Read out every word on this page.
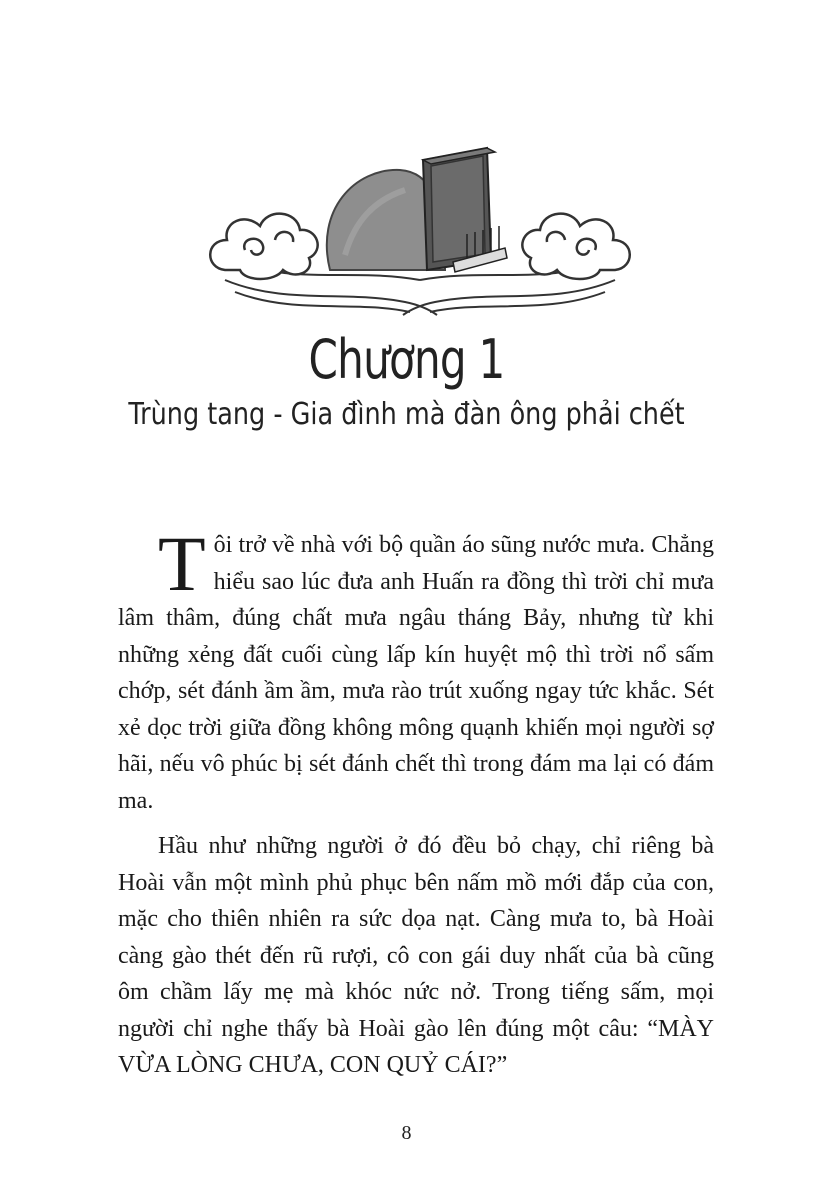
Chương 1
Trùng tang - Gia đình mà đàn ông phải chết

Tôi trở về nhà với bộ quần áo sũng nước mưa. Chẳng hiểu sao lúc đưa anh Huấn ra đồng thì trời chỉ mưa lâm thâm, đúng chất mưa ngâu tháng Bảy, nhưng từ khi những xẻng đất cuối cùng lấp kín huyệt mộ thì trời nổ sấm chớp, sét đánh ầm ầm, mưa rào trút xuống ngay tức khắc. Sét xẻ dọc trời giữa đồng không mông quạnh khiến mọi người sợ hãi, nếu vô phúc bị sét đánh chết thì trong đám ma lại có đám ma.

Hầu như những người ở đó đều bỏ chạy, chỉ riêng bà Hoài vẫn một mình phủ phục bên nấm mồ mới đắp của con, mặc cho thiên nhiên ra sức dọa nạt. Càng mưa to, bà Hoài càng gào thét đến rũ rượi, cô con gái duy nhất của bà cũng ôm chầm lấy mẹ mà khóc nức nở. Trong tiếng sấm, mọi người chỉ nghe thấy bà Hoài gào lên đúng một câu: “MÀY VỪA LÒNG CHƯA, CON QUỶ CÁI?”

8
